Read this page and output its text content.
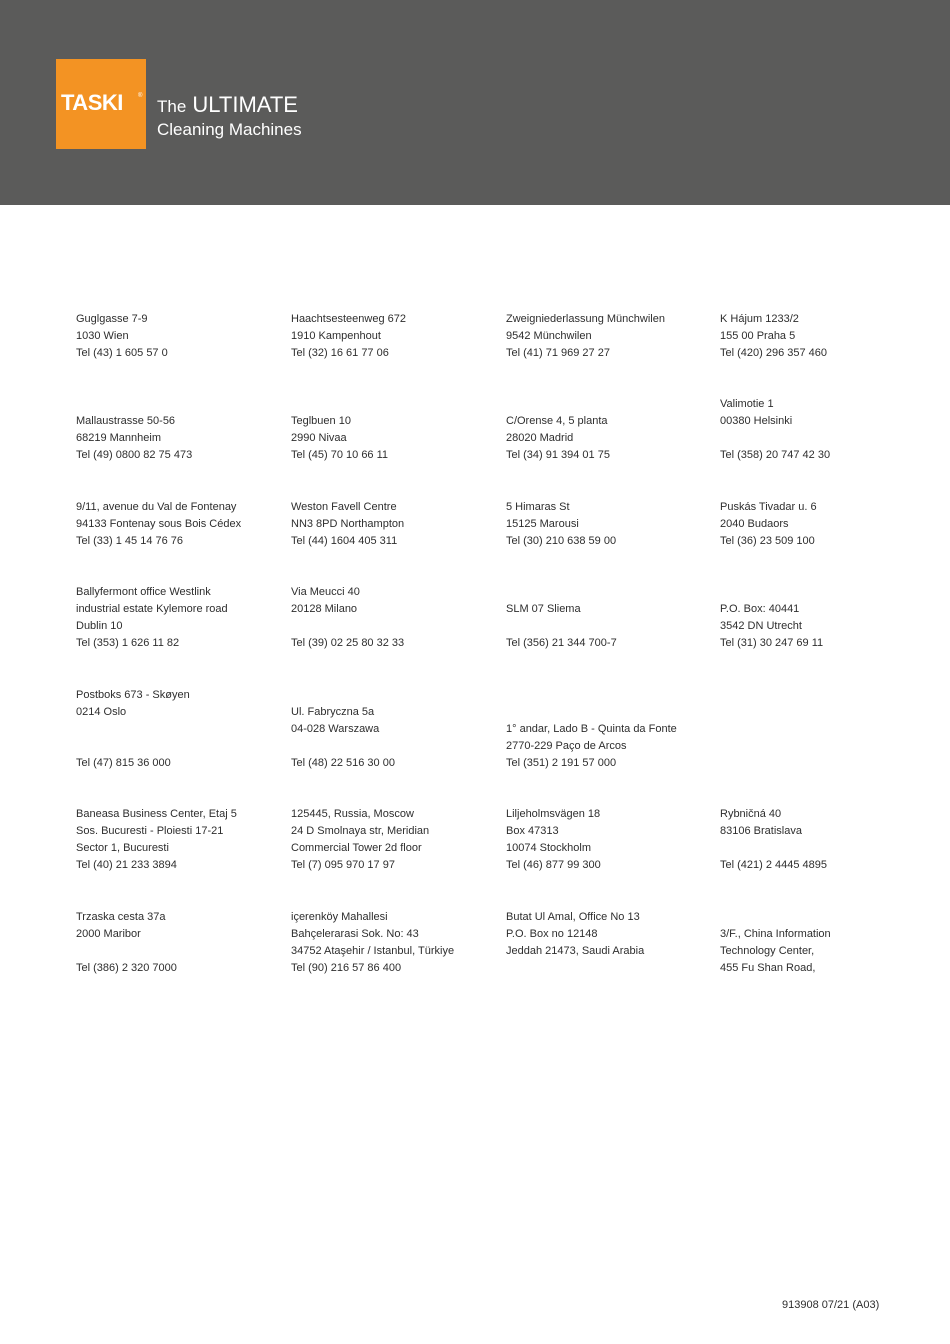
TASKI	®
The ULTIMATE
Cleaning Machines
Guglgasse 7-9
1030 Wien
Tel (43) 1 605 57 0
Haachtsesteenweg 672
1910 Kampenhout
Tel (32) 16 61 77 06
Zweigniederlassung Münchwilen
9542 Münchwilen
Tel (41) 71 969 27 27
K Hájum 1233/2
155 00 Praha 5
Tel (420) 296 357 460
Mallaustrasse 50-56
68219 Mannheim
Tel (49) 0800 82 75 473
Teglbuen 10
2990 Nivaa
Tel (45) 70 10 66 11
C/Orense 4, 5 planta
28020 Madrid
Tel (34) 91 394 01 75
Valimotie 1
00380 Helsinki
Tel (358) 20 747 42 30
9/11, avenue du Val de Fontenay
94133 Fontenay sous Bois Cédex
Tel (33) 1 45 14 76 76
Weston Favell Centre
NN3 8PD Northampton
Tel (44) 1604 405 311
5 Himaras St
15125 Marousi
Tel (30) 210 638 59 00
Puskás Tivadar u. 6
2040 Budaors
Tel (36) 23 509 100
Ballyfermont office Westlink
industrial estate Kylemore road
Dublin 10
Tel (353) 1 626 11 82
Via Meucci 40
20128 Milano
Tel (39) 02 25 80 32 33
SLM 07 Sliema
Tel (356) 21 344 700-7
P.O. Box: 40441
3542 DN Utrecht
Tel (31) 30 247 69 11
Postboks 673 - Skøyen
0214 Oslo
Tel (47) 815 36 000
Ul. Fabryczna 5a
04-028 Warszawa
Tel (48) 22 516 30 00
1° andar, Lado B - Quinta da Fonte
2770-229 Paço de Arcos
Tel (351) 2 191 57 000
Baneasa Business Center, Etaj 5
Sos. Bucuresti - Ploiesti 17-21
Sector 1, Bucuresti
Tel (40) 21 233 3894
125445, Russia, Moscow
24 D Smolnaya str, Meridian
Commercial Tower 2d floor
Tel (7) 095 970 17 97
Liljeholmsvägen 18
Box 47313
10074 Stockholm
Tel (46) 877 99 300
Rybničná 40
83106 Bratislava
Tel (421) 2 4445 4895
Trzaska cesta 37a
2000 Maribor
Tel (386) 2 320 7000
içerenköy Mahallesi
Bahçelerarasi Sok. No: 43
34752 Ataşehir / Istanbul, Türkiye
Tel (90) 216 57 86 400
Butat Ul Amal, Office No 13
P.O. Box no 12148
Jeddah 21473, Saudi Arabia
3/F., China Information
Technology Center,
455 Fu Shan Road,
913908 07/21 (A03)
